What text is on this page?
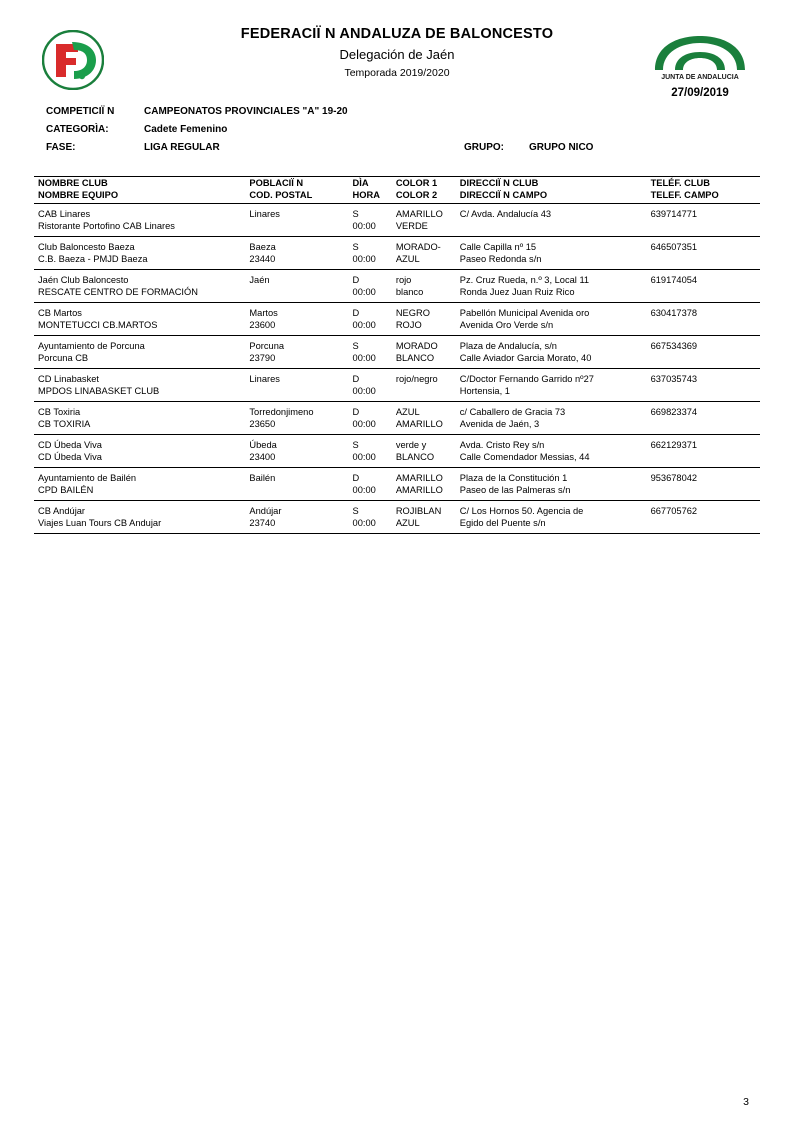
FEDERACIÏ N ANDALUZA DE BALONCESTO
Delegación de Jaén
Temporada 2019/2020	JUNTA DE ANDALUCIA
27/09/2019
COMPETICIÏ N	CAMPEONATOS PROVINCIALES "A" 19-20
CATEGORÌA:	Cadete Femenino
FASE:	LIGA REGULAR	GRUPO:	GRUPO NICO
NOMBRE CLUB	POBLACIÏ N	DÌA	COLOR 1	DIRECCIÏ N CLUB	TELÉF. CLUB
NOMBRE EQUIPO	COD. POSTAL	HORA	COLOR 2	DIRECCIÏ N CAMPO	TELEF. CAMPO
CAB Linares	Linares	S	AMARILLO	C/ Avda. Andalucía 43	639714771
Ristorante Portofino CAB Linares		00:00	VERDE		
Club Baloncesto Baeza	Baeza	S	MORADO-	Calle Capilla nº 15	646507351
C.B. Baeza - PMJD Baeza	23440	00:00	AZUL	Paseo Redonda s/n	
Jaén Club Baloncesto	Jaén	D	rojo	Pz. Cruz Rueda, n.º 3, Local 11	619174054
RESCATE CENTRO DE FORMACIÓN		00:00	blanco	Ronda Juez Juan Ruiz Rico	
CB Martos	Martos	D	NEGRO	Pabellón Municipal Avenida oro	630417378
MONTETUCCI CB.MARTOS	23600	00:00	ROJO	Avenida Oro Verde s/n	
Ayuntamiento de Porcuna	Porcuna	S	MORADO	Plaza de Andalucía, s/n	667534369
Porcuna CB	23790	00:00	BLANCO	Calle Aviador Garcia Morato, 40	
CD Linabasket	Linares	D	rojo/negro	C/Doctor Fernando Garrido nº27	637035743
MPDOS LINABASKET CLUB		00:00		Hortensia, 1	
CB Toxiria	Torredonjimeno	D	AZUL	c/ Caballero de Gracia 73	669823374
CB TOXIRIA	23650	00:00	AMARILLO	Avenida de Jaén, 3	
CD Úbeda Viva	Úbeda	S	verde y	Avda. Cristo Rey s/n	662129371
CD Úbeda Viva	23400	00:00	BLANCO	Calle Comendador Messias, 44	
Ayuntamiento de Bailén	Bailén	D	AMARILLO	Plaza de la Constitución 1	953678042
CPD BAILÉN		00:00	AMARILLO	Paseo de las Palmeras s/n	
CB Andújar	Andújar	S	ROJIBLAN	C/ Los Hornos 50. Agencia de	667705762
Viajes Luan Tours CB Andujar	23740	00:00	AZUL	Egido del Puente s/n	
3
